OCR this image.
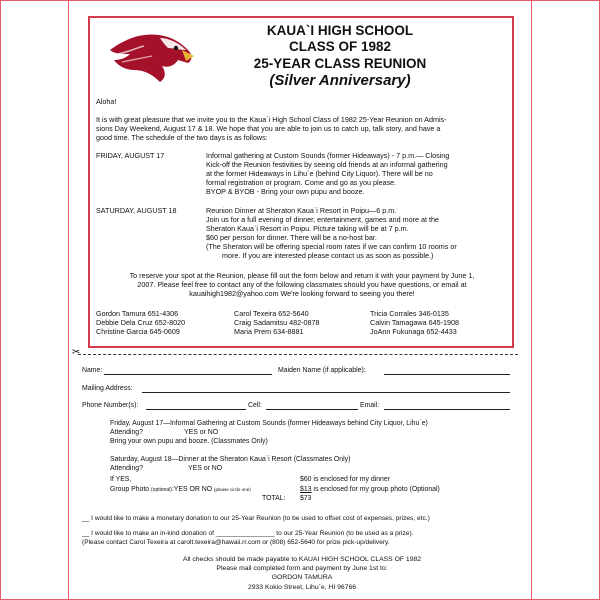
KAUA`I HIGH SCHOOL
CLASS OF 1982
25-YEAR CLASS REUNION
(Silver Anniversary)
Aloha!
It is with great pleasure that we invite you to the Kaua`i High School Class of 1982 25-Year Reunion on Admis-
sions Day Weekend, August 17 & 18. We hope that you are able to join us to catch up, talk story, and have a
good time. The schedule of the two days is as follows:
FRIDAY, AUGUST 17	Informal gathering at Custom Sounds (former Hideaways) - 7 p.m.— Closing
Kick-off the Reunion festivities by seeing old friends at an informal gathering
at the former Hideaways in Lihu`e (behind City Liquor). There will be no
formal registration or program. Come and go as you please.
BYOP & BYOB - Bring your own pupu and booze.
SATURDAY, AUGUST 18	Reunion Dinner at Sheraton Kaua`i Resort in Poipu—6 p.m.
Join us for a full evening of dinner, entertainment, games and more at the
Sheraton Kaua`i Resort in Poipu. Picture taking will be at 7 p.m.
$60 per person for dinner. There will be a no-host bar.
(The Sheraton will be offering special room rates if we can confirm 10 rooms or
more. If you are interested please contact us as soon as possible.)
To reserve your spot at the Reunion, please fill out the form below and return it with your payment by June 1,
2007. Please feel free to contact any of the following classmates should you have questions, or email at
kauaihigh1982@yahoo.com We're looking forward to seeing you there!
Gordon Tamura 651-4306	Carol Texeira 652-5640	Tricia Corrales 346-0135
Debbie Dela Cruz 652-8020	Craig Sadamitsu 482-0878	Calvin Tamagawa 645-1908
Christine Garcia 645-0609	Maria Prem 634-8881	JoAnn Fukunaga 652-4433
✂
Name:	Maiden Name (if applicable):
Mailing Address:
Phone Number(s):	Cell:	Email:
Friday, August 17—Informal Gathering at Custom Sounds (former Hideaways behind City Liquor, Lihu`e)
Attending?	YES or NO
Bring your own pupu and booze. (Classmates Only)
Saturday, August 18—Dinner at the Sheraton Kaua`i Resort (Classmates Only)
Attending?	YES or NO
If YES,	$60 is enclosed for my dinner
Group Photo (optional):YES OR NO (please circle one)	$13 is enclosed for my group photo (Optional)
TOTAL: $73
__ I would like to make a monetary donation to our 25-Year Reunion (to be used to offset cost of expenses, prizes, etc.)
__ I would like to make an in-kind donation of ________________ to our 25-Year Reunion (to be used as a prize).
(Please contact Carol Texeira at carolt.texeira@hawaii.rr.com or (808) 652-5640 for prize pick-up/delivery.
All checks should be made payable to KAUAI HIGH SCHOOL CLASS OF 1982
Please mail completed form and payment by June 1st to:
GORDON TAMURA
2933 Kokio Street, Lihu`e, HI 96766
